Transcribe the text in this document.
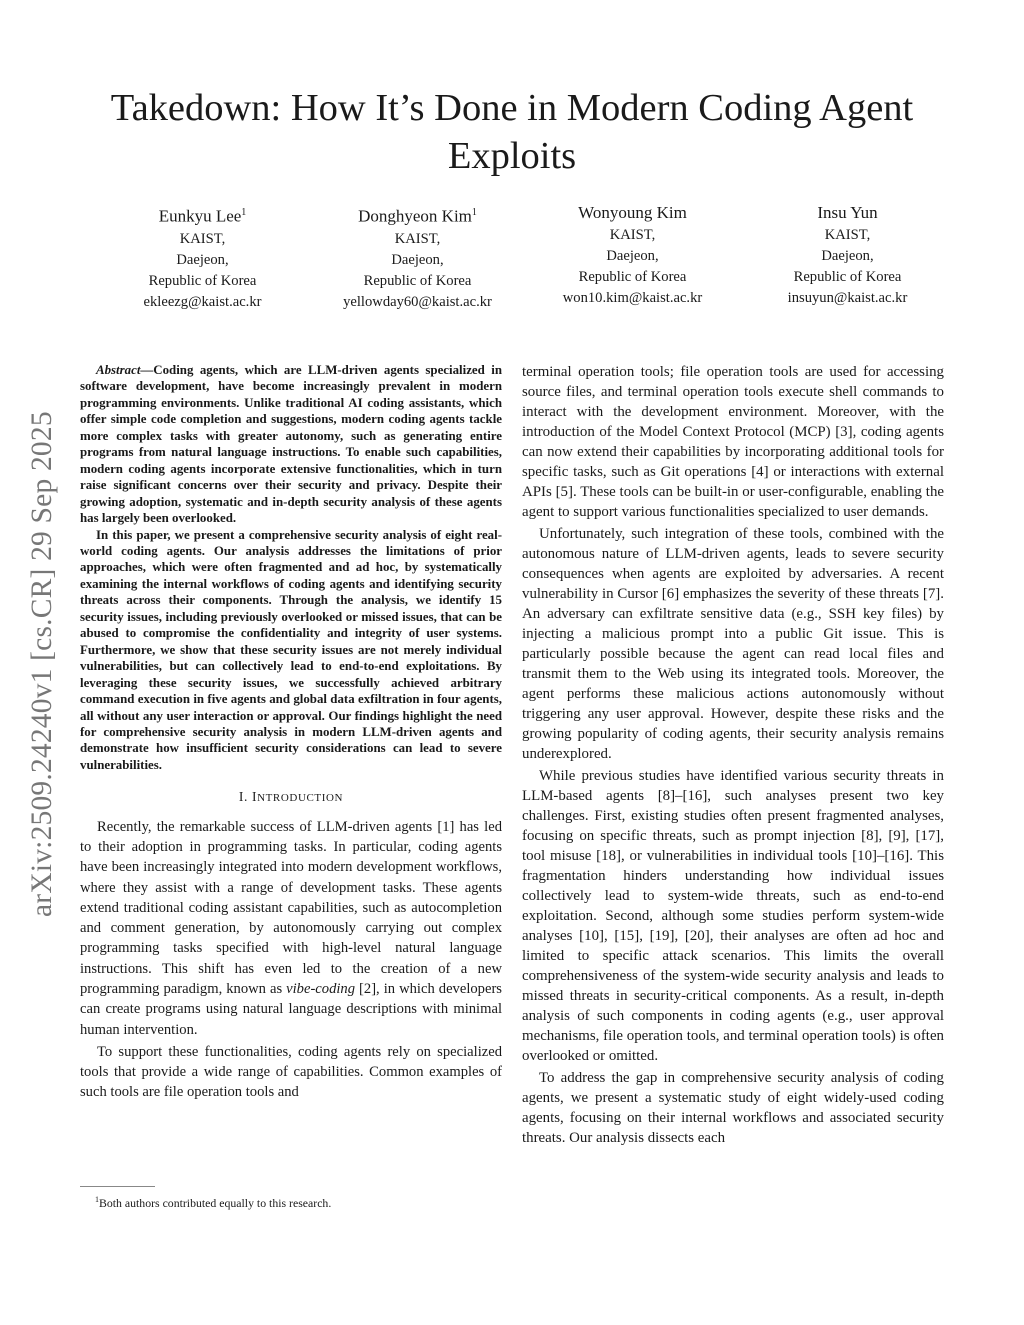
arXiv:2509.24240v1 [cs.CR] 29 Sep 2025
Takedown: How It’s Done in Modern Coding Agent Exploits
Eunkyu Lee$^1$
KAIST,
Daejeon,
Republic of Korea
ekleezg@kaist.ac.kr
Donghyeon Kim$^1$
KAIST,
Daejeon,
Republic of Korea
yellowday60@kaist.ac.kr
Wonyoung Kim
KAIST,
Daejeon,
Republic of Korea
won10.kim@kaist.ac.kr
Insu Yun
KAIST,
Daejeon,
Republic of Korea
insuyun@kaist.ac.kr

Abstract—Coding agents, which are LLM-driven agents specialized in software development, have become increasingly prevalent in modern programming environments. Unlike traditional AI coding assistants, which offer simple code completion and suggestions, modern coding agents tackle more complex tasks with greater autonomy, such as generating entire programs from natural language instructions. To enable such capabilities, modern coding agents incorporate extensive functionalities, which in turn raise significant concerns over their security and privacy. Despite their growing adoption, systematic and in-depth security analysis of these agents has largely been overlooked.

In this paper, we present a comprehensive security analysis of eight real-world coding agents. Our analysis addresses the limitations of prior approaches, which were often fragmented and ad hoc, by systematically examining the internal workflows of coding agents and identifying security threats across their components. Through the analysis, we identify 15 security issues, including previously overlooked or missed issues, that can be abused to compromise the confidentiality and integrity of user systems. Furthermore, we show that these security issues are not merely individual vulnerabilities, but can collectively lead to end-to-end exploitations. By leveraging these security issues, we successfully achieved arbitrary command execution in five agents and global data exfiltration in four agents, all without any user interaction or approval. Our findings highlight the need for comprehensive security analysis in modern LLM-driven agents and demonstrate how insufficient security considerations can lead to severe vulnerabilities.

I. INTRODUCTION

Recently, the remarkable success of LLM-driven agents [1] has led to their adoption in programming tasks. In particular, coding agents have been increasingly integrated into modern development workflows, where they assist with a range of development tasks. These agents extend traditional coding assistant capabilities, such as autocompletion and comment generation, by autonomously carrying out complex programming tasks specified with high-level natural language instructions. This shift has even led to the creation of a new programming paradigm, known as vibe-coding [2], in which developers can create programs using natural language descriptions with minimal human intervention.

To support these functionalities, coding agents rely on specialized tools that provide a wide range of capabilities. Common examples of such tools are file operation tools and

$^1$Both authors contributed equally to this research.

terminal operation tools; file operation tools are used for accessing source files, and terminal operation tools execute shell commands to interact with the development environment. Moreover, with the introduction of the Model Context Protocol (MCP) [3], coding agents can now extend their capabilities by incorporating additional tools for specific tasks, such as Git operations [4] or interactions with external APIs [5]. These tools can be built-in or user-configurable, enabling the agent to support various functionalities specialized to user demands.

Unfortunately, such integration of these tools, combined with the autonomous nature of LLM-driven agents, leads to severe security consequences when agents are exploited by adversaries. A recent vulnerability in Cursor [6] emphasizes the severity of these threats [7]. An adversary can exfiltrate sensitive data (e.g., SSH key files) by injecting a malicious prompt into a public Git issue. This is particularly possible because the agent can read local files and transmit them to the Web using its integrated tools. Moreover, the agent performs these malicious actions autonomously without triggering any user approval. However, despite these risks and the growing popularity of coding agents, their security analysis remains underexplored.

While previous studies have identified various security threats in LLM-based agents [8]–[16], such analyses present two key challenges. First, existing studies often present fragmented analyses, focusing on specific threats, such as prompt injection [8], [9], [17], tool misuse [18], or vulnerabilities in individual tools [10]–[16]. This fragmentation hinders understanding how individual issues collectively lead to system-wide threats, such as end-to-end exploitation. Second, although some studies perform system-wide analyses [10], [15], [19], [20], their analyses are often ad hoc and limited to specific attack scenarios. This limits the overall comprehensiveness of the system-wide security analysis and leads to missed threats in security-critical components. As a result, in-depth analysis of such components in coding agents (e.g., user approval mechanisms, file operation tools, and terminal operation tools) is often overlooked or omitted.

To address the gap in comprehensive security analysis of coding agents, we present a systematic study of eight widely-used coding agents, focusing on their internal workflows and associated security threats. Our analysis dissects each
